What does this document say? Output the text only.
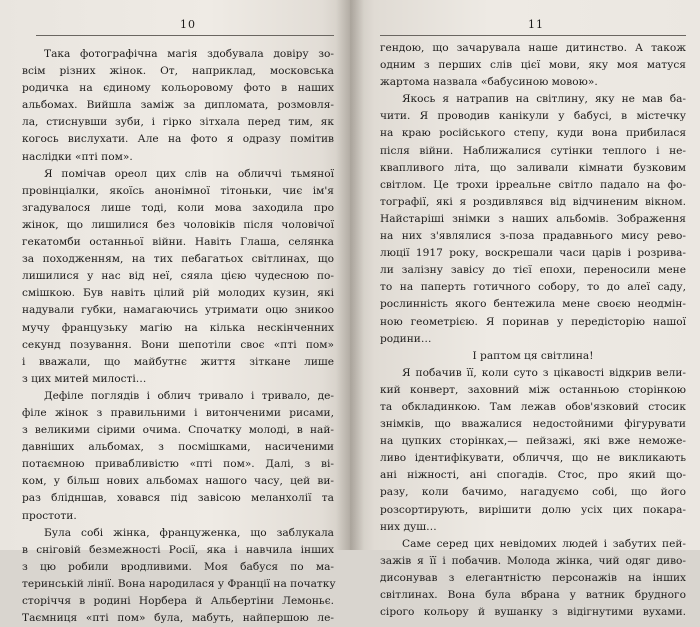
10
Така фотографічна магія здобувала довіру зо-
всім різних жінок. От, наприклад, московська
родичка на єдиному кольоровому фото в наших
альбомах. Вийшла заміж за дипломата, розмовля-
ла, стиснувши зуби, і гірко зітхала перед тим, як
когось вислухати. Але на фото я одразу помітив
наслідки «пті пом».
Я помічав ореол цих слів на обличчі тьмяної
провінціалки, якоїсь анонімної тітоньки, чиє ім'я
згадувалося лише тоді, коли мова заходила про
жінок, що лишилися без чоловіків після чоловічої
гекатомби останньої війни. Навіть Глаша, селянка
за походженням, на тих пебагатьох світлинах, що
лишилися у нас від неї, сяяла цією чудесною по-
смішкою. Був навіть цілий рій молодих кузин, які
надували губки, намагаючись утримати оцю зникоo
мучу французьку магію на кілька нескінченних
секунд позування. Вони шепотіли своє «пті пом»
і вважали, що майбутнє життя зіткане лише
з цих митей милості…
Дефіле поглядів і облич тривало і тривало, де-
філе жінок з правильними і витонченими рисами,
з великими сірими очима. Спочатку молоді, в най-
давніших альбомах, з посмішками, насиченими
потаємною привабливістю «пті пом». Далі, з ві-
ком, у більш нових альбомах нашого часу, цей ви-
раз блідншав, ховався під завісою меланхолії та
простоти.
Була собі жінка, француженка, що заблукала
в сніговій безмежності Росії, яка і навчила інших
з цю робили вродливими. Моя бабуся по ма-
теринській лінії. Вона народилася у Франції на початку
сторіччя в родині Норбера й Альбертіни Лемоньє.
Таємниця «пті пом» була, мабуть, найпершою ле-
11
гендою, що зачарувала наше дитинство. А також
одним з перших слів цієї мови, яку моя матуся
жартома назвала «бабусиною мовою».
Якось я натрапив на світлину, яку не мав ба-
чити. Я проводив канікули у бабусі, в містечку
на краю російського степу, куди вона прибилася
після війни. Наближалися сутінки теплого і не-
квапливого літа, що заливали кімнати бузковим
світлом. Це трохи ірреальне світло падало на фо-
тографії, які я роздивлявся від відчиненим вікном.
Найстаріші знімки з наших альбомів. Зображення
на них з'являлися з-поза прадавнього мису рево-
люції 1917 року, воскрешали часи царів і розрива-
ли залізну завісу до тієї епохи, переносили мене
то на паперть готичного собору, то до алеї саду,
рослинність якого бентежила мене своєю неодмін-
ною геометрією. Я поринав у передісторію нашої
родини…
І раптом ця світлина!
Я побачив її, коли суто з цікавості відкрив вели-
кий конверт, заховний між останньою сторінкою
та обкладинкою. Там лежав обов'язковий стосик
знімків, що вважалися недостойними фігурувати
на цупких сторінках,— пейзажі, які вже неможе-
ливо ідентифікувати, обличчя, що не викликають
ані ніжності, ані спогадів. Стос, про який що-
разу, коли бачимо, нагадуємо собі, що його
розсортирують, вирішити долю усіх цих покара-
них душ…
Саме серед цих невідомих людей і забутих пей-
зажів я її і побачив. Молода жінка, чий одяг диво-
дисонував з елегантністю персонажів на інших
світлинах. Вона була вбрана у ватник брудного
сірого кольору й вушанку з відігнутими вухами.
